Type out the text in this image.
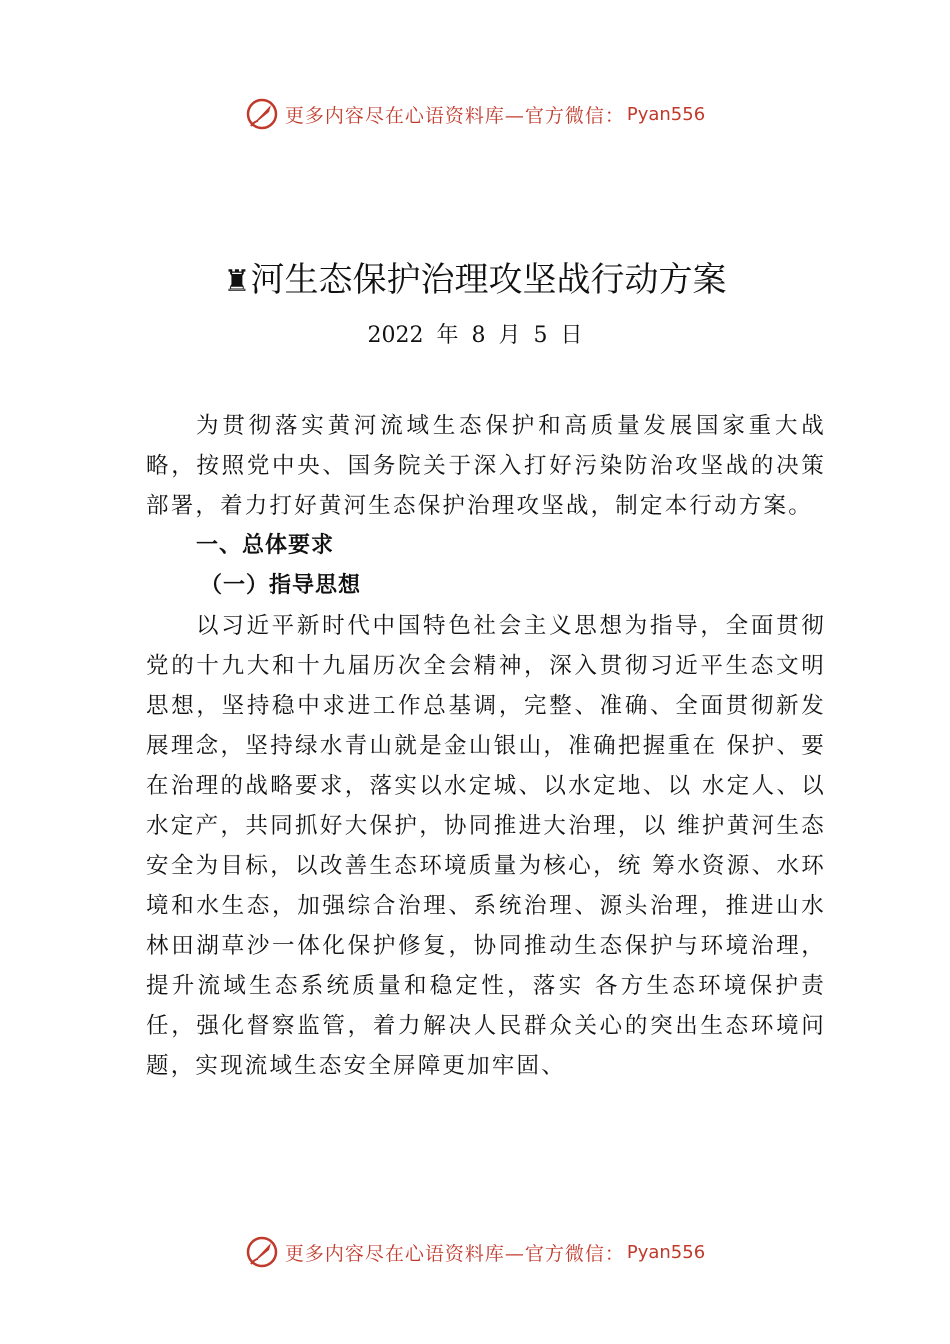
更多内容尽在心语资料库—官方微信： Pyan556
♜河生态保护治理攻坚战行动方案
2022 年 8 月 5 日

为贯彻落实黄河流域生态保护和高质量发展国家重大战略，按照党中央、国务院关于深入打好污染防治攻坚战的决策部署，着力打好黄河生态保护治理攻坚战，制定本行动方案。

一、总体要求
（一）指导思想

以习近平新时代中国特色社会主义思想为指导，全面贯彻党的十九大和十九届历次全会精神，深入贯彻习近平生态文明思想，坚持稳中求进工作总基调，完整、准确、全面贯彻新发展理念，坚持绿水青山就是金山银山，准确把握重在 保护、要在治理的战略要求，落实以水定城、以水定地、以 水定人、以水定产，共同抓好大保护，协同推进大治理，以 维护黄河生态安全为目标，以改善生态环境质量为核心，统 筹水资源、水环境和水生态，加强综合治理、系统治理、源头治理，推进山水林田湖草沙一体化保护修复，协同推动生态保护与环境治理，提升流域生态系统质量和稳定性，落实 各方生态环境保护责任，强化督察监管，着力解决人民群众关心的突出生态环境问题，实现流域生态安全屏障更加牢固、

更多内容尽在心语资料库—官方微信： Pyan556
